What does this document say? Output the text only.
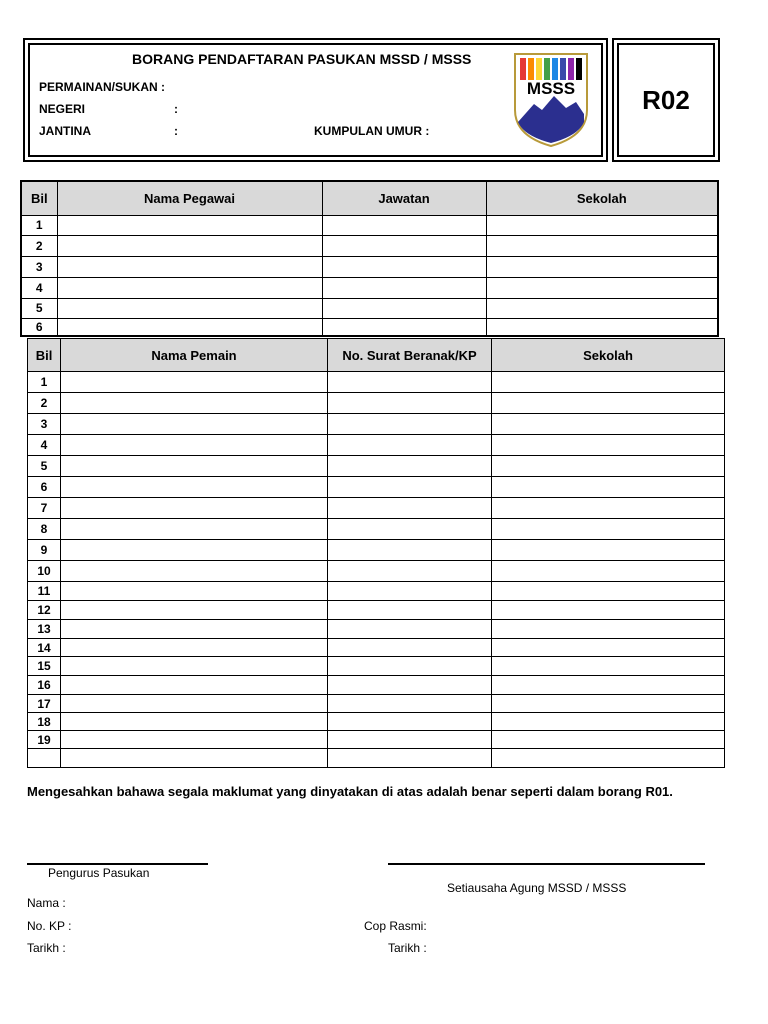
BORANG PENDAFTARAN PASUKAN MSSD / MSSS
PERMAINAN/SUKAN :
NEGERI	:
JANTINA	:	KUMPULAN UMUR :
MSSS	R02
Bil	Nama Pegawai	Jawatan	Sekolah
1			
2			
3			
4			
5			
6			
Bil	Nama Pemain	No. Surat Beranak/KP	Sekolah
1			
2			
3			
4			
5			
6			
7			
8			
9			
10			
11			
12			
13			
14			
15			
16			
17			
18			
19			

Mengesahkan bahawa segala maklumat yang dinyatakan di atas adalah benar seperti dalam borang R01.
Pengurus Pasukan
Setiausaha Agung MSSD / MSSS
Nama :
No. KP :
Tarikh :
Cop Rasmi:
Tarikh :
